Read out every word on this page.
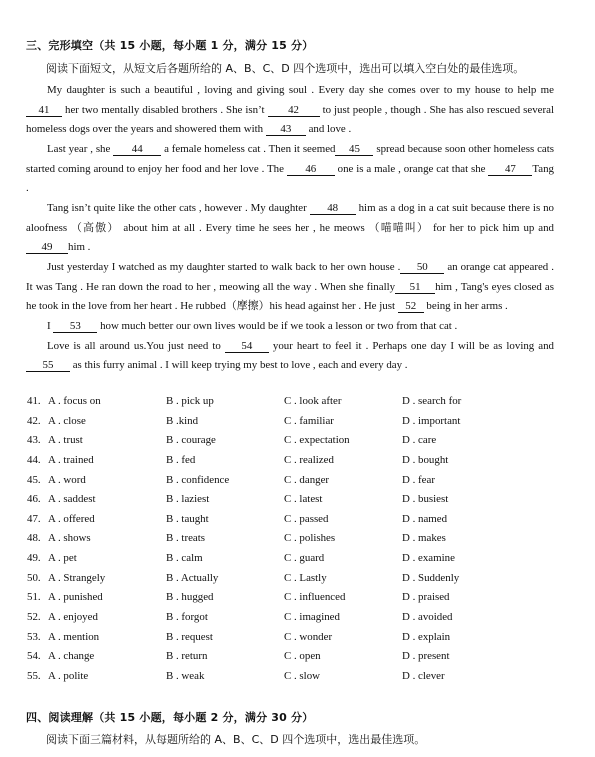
三、完形填空（共 15 小题，每小题 1 分，满分 15 分）
阅读下面短文，从短文后各题所给的 A、B、C、D 四个选项中，选出可以填入空白处的最佳选项。

My daughter is such a beautiful , loving and giving soul . Every day she comes over to my house to help me 41 her two mentally disabled brothers . She isn’t 42 to just people , though . She has also rescued several homeless dogs over the years and showered them with 43 and love .

Last year , she 44 a female homeless cat . Then it seemed 45 spread because soon other homeless cats started coming around to enjoy her food and her love . The 46 one is a male , orange cat that she 47 Tang .

Tang isn’t quite like the other cats , however . My daughter 48 him as a dog in a cat suit because there is no aloofness （高傲） about him at all . Every time he sees her , he meows （喵喵叫） for her to pick him up and 49 him .

Just yesterday I watched as my daughter started to walk back to her own house . 50 an orange cat appeared . It was Tang . He ran down the road to her , meowing all the way . When she finally 51 him , Tang's eyes closed as he took in the love from her heart . He rubbed（摩擦）his head against her . He just 52 being in her arms .

I 53 how much better our own lives would be if we took a lesson or two from that cat .

Love is all around us.You just need to 54 your heart to feel it . Perhaps one day I will be as loving and 55 as this furry animal . I will keep trying my best to love , each and every day .

41. A . focus on	B . pick up	C . look after	D . search for
42. A . close	B .kind	C . familiar	D . important
43. A . trust	B . courage	C . expectation	D . care
44. A . trained	B . fed	C . realized	D . bought
45. A . word	B . confidence	C . danger	D . fear
46. A . saddest	B . laziest	C . latest	D . busiest
47. A . offered	B . taught	C . passed	D . named
48. A . shows	B . treats	C . polishes	D . makes
49. A . pet	B . calm	C . guard	D . examine
50. A . Strangely	B . Actually	C . Lastly	D . Suddenly
51. A . punished	B . hugged	C . influenced	D . praised
52. A . enjoyed	B . forgot	C . imagined	D . avoided
53. A . mention	B . request	C . wonder	D . explain
54. A . change	B . return	C . open	D . present
55. A . polite	B . weak	C . slow	D . clever
四、阅读理解（共 15 小题，每小题 2 分，满分 30 分）
阅读下面三篇材料，从每题所给的 A、B、C、D 四个选项中，选出最佳选项。
